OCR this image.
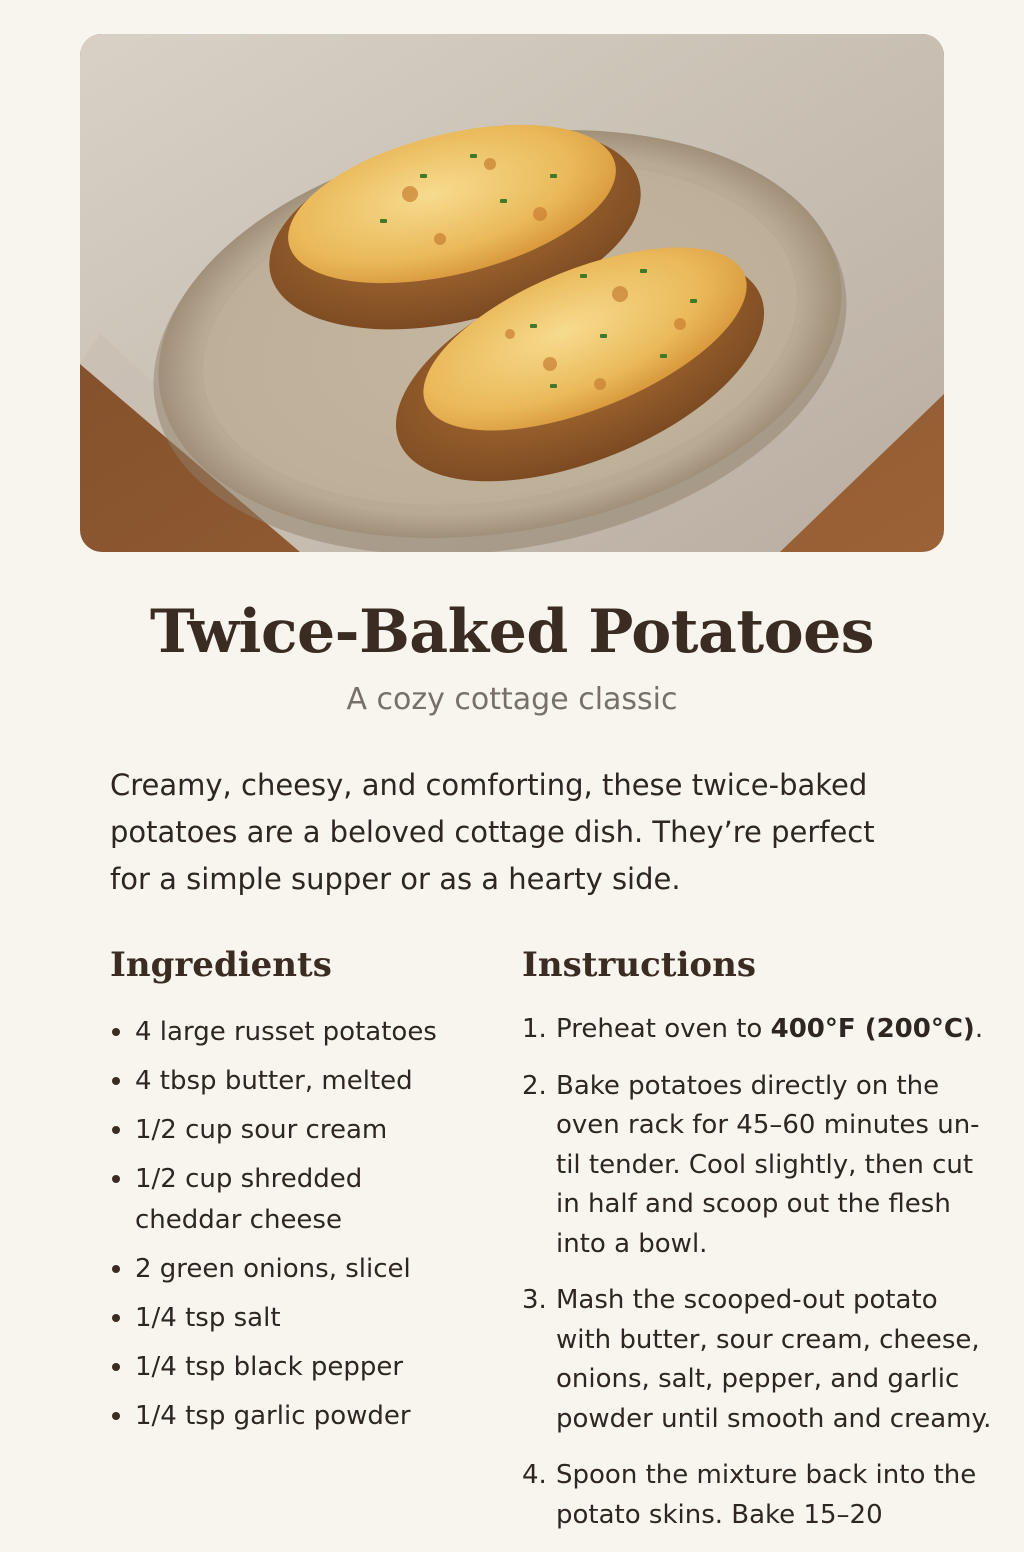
Twice-Baked Potatoes
A cozy cottage classic

Creamy, cheesy, and comforting, these twice-baked potatoes are a beloved cottage dish. They’re perfect for a simple supper or as a hearty side.

Ingredients
4 large russet potatoes
4 tbsp butter, melted
1/2 cup sour cream
1/2 cup shredded cheddar cheese
2 green onions, slicel
1/4 tsp salt
1/4 tsp black pepper
1/4 tsp garlic powder
Instructions
1. Preheat oven to 400°F (200°C).
2. Bake potatoes directly on the oven rack for 45–60 minutes un-til tender. Cool slightly, then cut in half and scoop out the flesh into a bowl.
3. Mash the scooped-out potato with butter, sour cream, cheese, onions, salt, pepper, and garlic powder until smooth and creamy.
4. Spoon the mixture back into the potato skins. Bake 15–20
